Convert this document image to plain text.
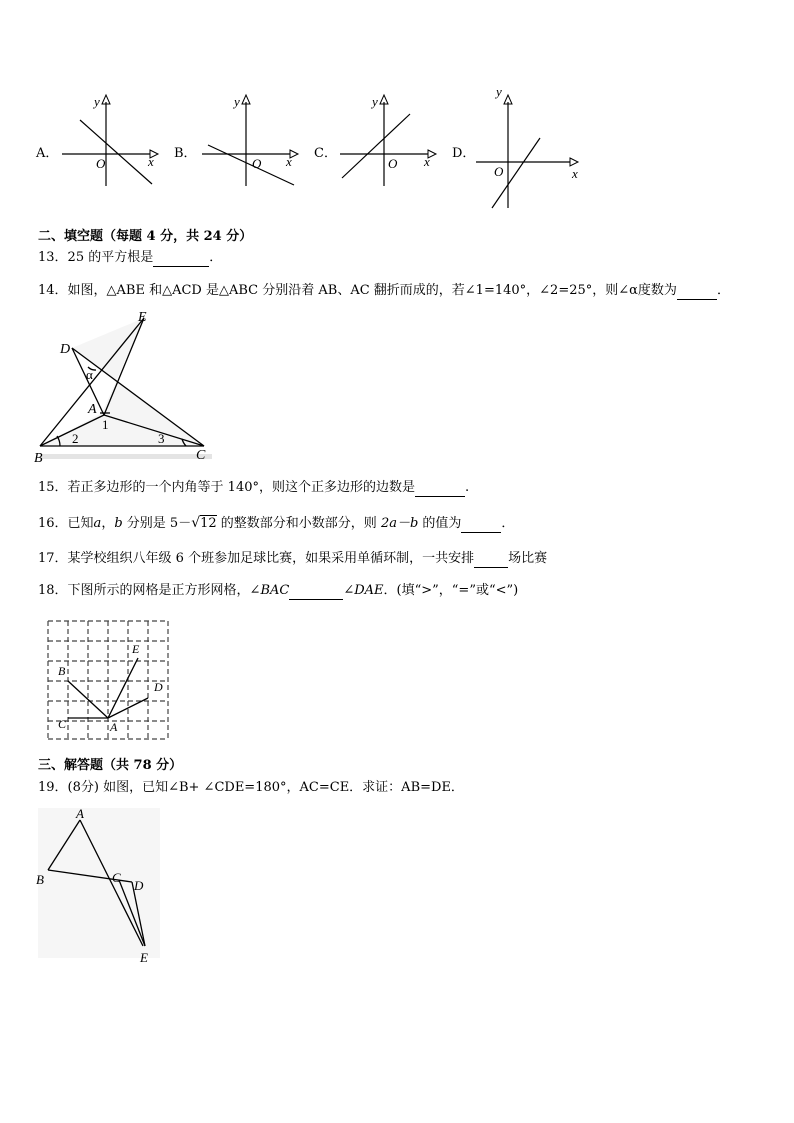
A．
y
x
O
B．
y
x
O
C．
y
x
O
D．
y
x
O
二、填空题（每题 4 分，共 24 分）
13．25 的平方根是	．
14．如图，△ABE 和△ACD 是△ABC 分别沿着 AB、AC 翻折而成的，若∠1=140°，∠2=25°，则∠α度数为	．
D
E
A
B	C
α
1
2	3
15．若正多边形的一个内角等于 140°，则这个正多边形的边数是	.
16．已知a，b 分别是 5－√12 的整数部分和小数部分，则 2a－b 的值为	．
17．某学校组织八年级 6 个班参加足球比赛，如果采用单循环制，一共安排	场比赛
18．下图所示的网格是正方形网格，∠BAC	∠DAE．(填“>”，“=”或“<”)
B
C	A
D
E
三、解答题（共 78 分）
19．(8分) 如图，已知∠B+ ∠CDE=180°，AC=CE．求证：AB=DE．
A
B	C
D
E
